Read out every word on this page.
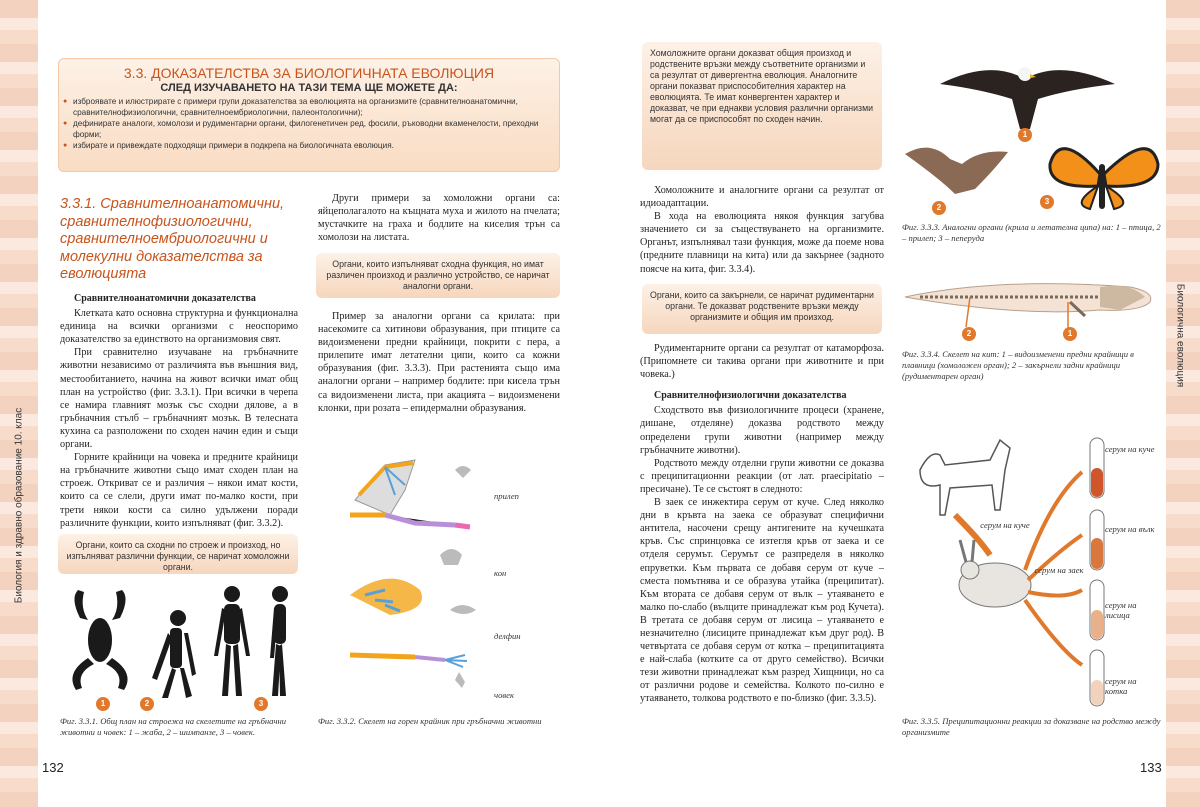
Биология и здравно образование 10. клас
Биологична еволюция
3.3. ДОКАЗАТЕЛСТВА ЗА БИОЛОГИЧНАТА ЕВОЛЮЦИЯ
СЛЕД ИЗУЧАВАНЕТО НА ТАЗИ ТЕМА ЩЕ МОЖЕТЕ ДА:
● изброявате и илюстрирате с примери групи доказателства за еволюцията на организмите (сравнителноанатомични, сравнителнофизиологични, сравнителноембриологични, палеонтологични);
● дефинирате аналоги, хомолози и рудиментарни органи, филогенетичен ред, фосили, ръководни вкаменелости, преходни форми;
● избирате и привеждате подходящи примери в подкрепа на биологичната еволюция.
3.3.1. Сравнителноанатомични, сравнителнофизиологични, сравнителноембриологични и молекулни доказателства за еволюцията
Сравнителноанатомични доказателства

Клетката като основна структурна и функционална единица на всички организми с неоспоримо доказателство за единството на организмовия свят.

При сравнително изучаване на гръбначните животни независимо от различията във външния вид, местообитанието, начина на живот всички имат общ план на устройство (фиг. 3.3.1). При всички в черепа се намира главният мозък със сходни дялове, а в гръбначния стълб – гръбначният мозък. В телесната кухина са разположени по сходен начин един и същи органи.

Горните крайници на човека и предните крайници на гръбначните животни също имат сходен план на строеж. Откриват се и различия – някои имат кости, които са се слели, други имат по-малко кости, при трети някои кости са силно удължени поради различните функции, които изпълняват (фиг. 3.3.2).

Органи, които са сходни по строеж и произход, но изпълняват различни функции, се наричат хомоложни органи.
1	2	3
Фиг. 3.3.1. Общ план на строежа на скелетите на гръбначни животни и човек: 1 – жаба, 2 – шимпанзе, 3 – човек.
132

Други примери за хомоложни органи са: яйцеполагалото на къщната муха и жилото на пчелата; мустачките на граха и бодлите на киселия трън са хомолози на листата.

Органи, които изпълняват сходна функция, но имат различен произход и различно устройство, се наричат аналогни органи.

Пример за аналогни органи са крилата: при насекомите са хитинови образувания, при птиците са видоизменени предни крайници, покрити с пера, а прилепите имат летателни ципи, които са кожни образувания (фиг. 3.3.3). При растенията също има аналогни органи – например бодлите: при кисела трън са видоизменени листа, при акацията – видоизменени клонки, при розата – епидермални образувания.

прилеп
кон
делфин
човек
Фиг. 3.3.2. Скелет на горен крайник при гръбначни животни
Хомоложните органи доказват общия произход и родствените връзки между съответните организми и са резултат от дивергентна еволюция. Аналогните органи показват приспособителния характер на еволюцията. Те имат конвергентен характер и доказват, че при еднакви условия различни организми могат да се приспособят по сходен начин.

Хомоложните и аналогните органи са резултат от идиоадаптации.

В хода на еволюцията някоя функция загубва значението си за съществуването на организмите. Органът, изпълнявал тази функция, може да поеме нова (предните плавници на кита) или да закърнее (задното поясче на кита, фиг. 3.3.4).

Органи, които са закърнели, се наричат рудиментарни органи. Те доказват родствените връзки между организмите и общия им произход.

Рудиментарните органи са резултат от катаморфоза. (Припомнете си такива органи при животните и при човека.)

Сравнителнофизиологични доказателства

Сходството във физиологичните процеси (хранене, дишане, отделяне) доказва родството между определени групи животни (например между гръбначните животни).

Родството между отделни групи животни се доказва с преципитационни реакции (от лат. praecipitatio – пресичане). Те се състоят в следното:

В заек се инжектира серум от куче. След няколко дни в кръвта на заека се образуват специфични антитела, насочени срещу антигените на кучешката кръв. Със спринцовка се изтегля кръв от заека и се отделя серумът. Серумът се разпределя в няколко епруветки. Към първата се добавя серум от куче – сместа помътнява и се образува утайка (преципитат). Към втората се добавя серум от вълк – утаяването е малко по-слабо (вълците принадлежат към род Кучета). В третата се добавя серум от лисица – утаяването е незначително (лисиците принадлежат към друг род). В четвъртата се добавя серум от котка – преципитацията е най-слаба (котките са от друго семейство). Всички тези животни принадлежат към разред Хищници, но са от различни родове и семейства. Колкото по-силно е утаяването, толкова родството е по-близко (фиг. 3.3.5).

133
1
2
3
Фиг. 3.3.3. Аналогни органи (крила и летателна ципа) на: 1 – птица, 2 – прилеп; 3 – пеперуда
2	1
Фиг. 3.3.4. Скелет на кит: 1 – видоизменени предни крайници в плавници (хомоложен орган); 2 – закърнели задни крайници (рудиментарен орган)
серум на куче
серум на заек
серум на куче
серум на вълк
серум на лисица
серум на котка
Фиг. 3.3.5. Преципитационни реакции за доказване на родство между организмите
